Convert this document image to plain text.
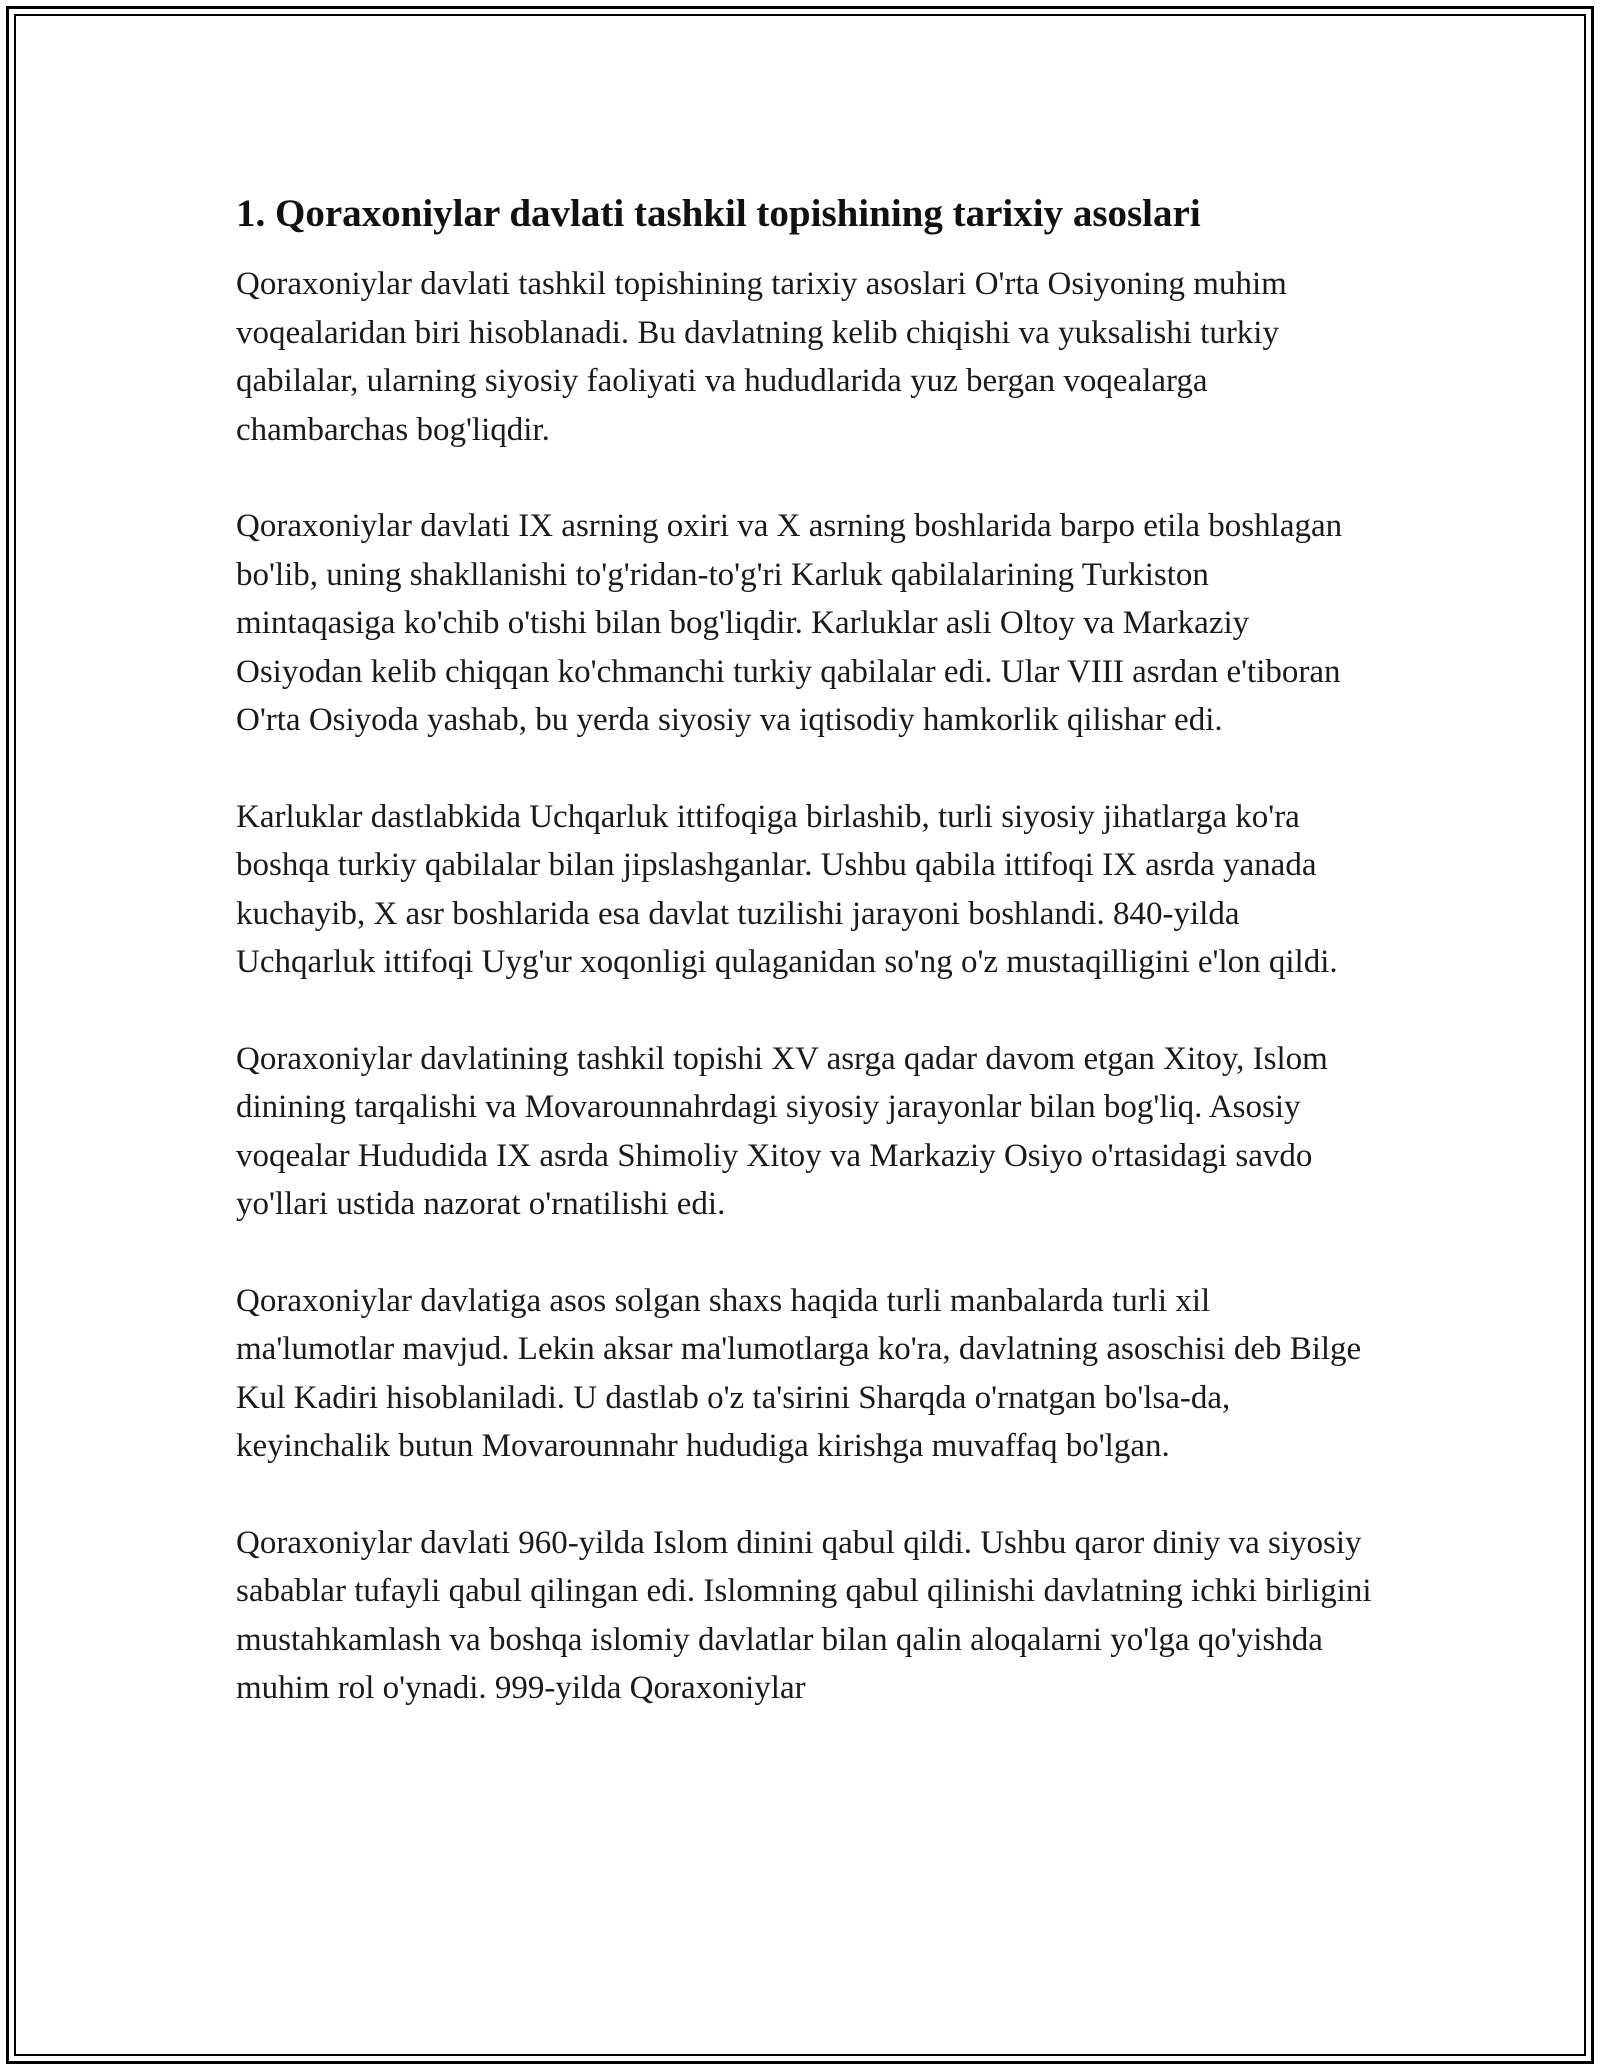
1. Qoraxoniylar davlati tashkil topishining tarixiy asoslari

Qoraxoniylar davlati tashkil topishining tarixiy asoslari O'rta Osiyoning muhim voqealaridan biri hisoblanadi. Bu davlatning kelib chiqishi va yuksalishi turkiy qabilalar, ularning siyosiy faoliyati va hududlarida yuz bergan voqealarga chambarchas bog'liqdir.

Qoraxoniylar davlati IX asrning oxiri va X asrning boshlarida barpo etila boshlagan bo'lib, uning shakllanishi to'g'ridan-to'g'ri Karluk qabilalarining Turkiston mintaqasiga ko'chib o'tishi bilan bog'liqdir. Karluklar asli Oltoy va Markaziy Osiyodan kelib chiqqan ko'chmanchi turkiy qabilalar edi. Ular VIII asrdan e'tiboran O'rta Osiyoda yashab, bu yerda siyosiy va iqtisodiy hamkorlik qilishar edi.

Karluklar dastlabkida Uchqarluk ittifoqiga birlashib, turli siyosiy jihatlarga ko'ra boshqa turkiy qabilalar bilan jipslashganlar. Ushbu qabila ittifoqi IX asrda yanada kuchayib, X asr boshlarida esa davlat tuzilishi jarayoni boshlandi. 840-yilda Uchqarluk ittifoqi Uyg'ur xoqonligi qulaganidan so'ng o'z mustaqilligini e'lon qildi.

Qoraxoniylar davlatining tashkil topishi XV asrga qadar davom etgan Xitoy, Islom dinining tarqalishi va Movarounnahrdagi siyosiy jarayonlar bilan bog'liq. Asosiy voqealar Hududida IX asrda Shimoliy Xitoy va Markaziy Osiyo o'rtasidagi savdo yo'llari ustida nazorat o'rnatilishi edi.

Qoraxoniylar davlatiga asos solgan shaxs haqida turli manbalarda turli xil ma'lumotlar mavjud. Lekin aksar ma'lumotlarga ko'ra, davlatning asoschisi deb Bilge Kul Kadiri hisoblaniladi. U dastlab o'z ta'sirini Sharqda o'rnatgan bo'lsa-da, keyinchalik butun Movarounnahr hududiga kirishga muvaffaq bo'lgan.

Qoraxoniylar davlati 960-yilda Islom dinini qabul qildi. Ushbu qaror diniy va siyosiy sabablar tufayli qabul qilingan edi. Islomning qabul qilinishi davlatning ichki birligini mustahkamlash va boshqa islomiy davlatlar bilan qalin aloqalarni yo'lga qo'yishda muhim rol o'ynadi. 999-yilda Qoraxoniylar
